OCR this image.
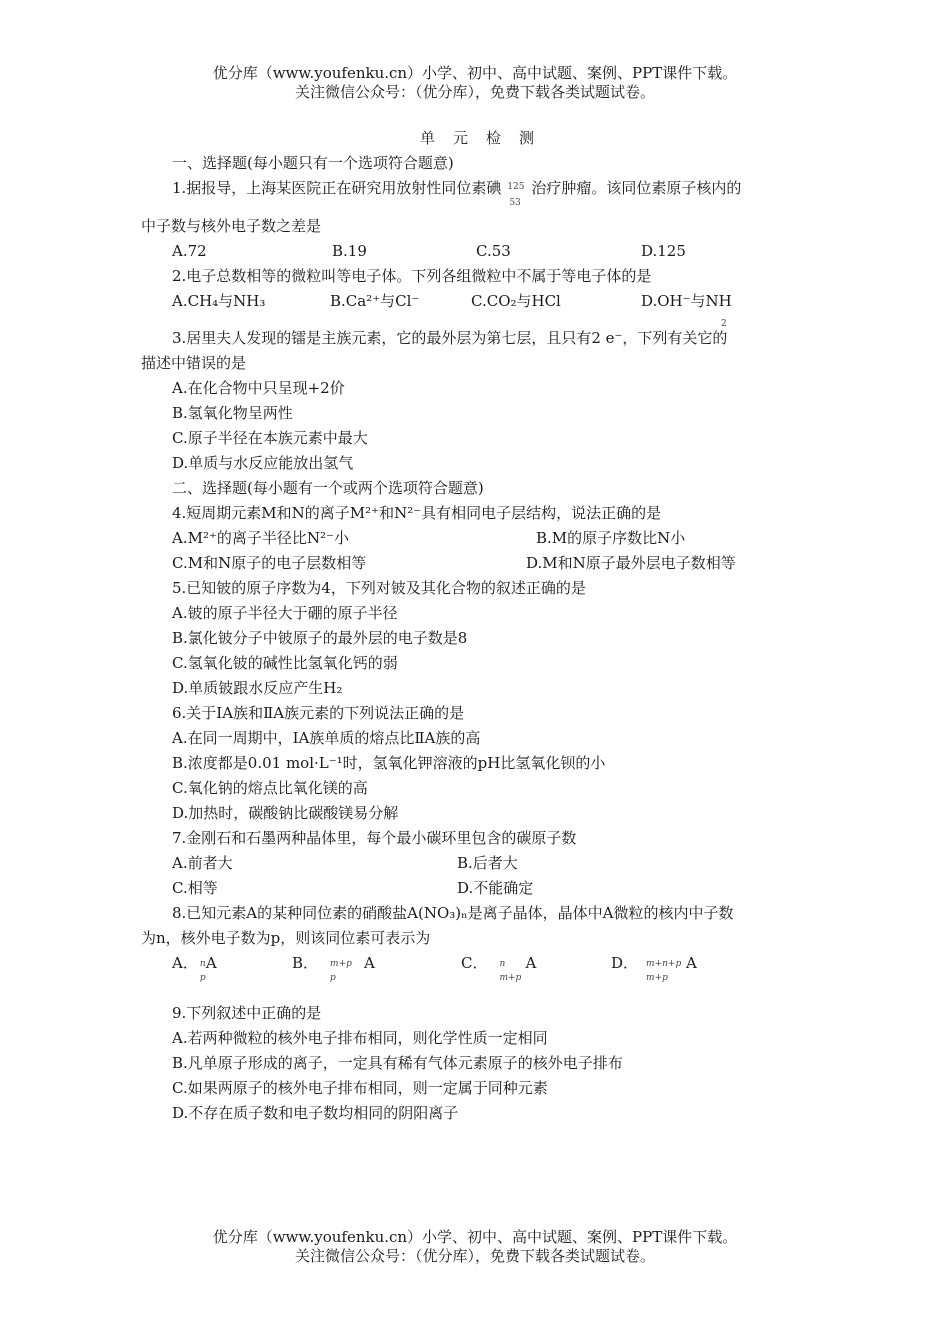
优分库（www.youfenku.cn）小学、初中、高中试题、案例、PPT课件下载。
关注微信公众号：（优分库），免费下载各类试题试卷。
单元检测
一、选择题(每小题只有一个选项符合题意)
1.据报导，上海某医院正在研究用放射性同位素碘 125
53
治疗肿瘤。该同位素原子核内的
中子数与核外电子数之差是
A.72	B.19	C.53	D.125
2.电子总数相等的微粒叫等电子体。下列各组微粒中不属于等电子体的是
A.CH₄与NH₃	B.Ca²⁺与Cl⁻	C.CO₂与HCl	D.OH⁻与NH
2
3.居里夫人发现的镭是主族元素，它的最外层为第七层，且只有2 e⁻，下列有关它的
描述中错误的是
A.在化合物中只呈现+2价
B.氢氧化物呈两性
C.原子半径在本族元素中最大
D.单质与水反应能放出氢气
二、选择题(每小题有一个或两个选项符合题意)
4.短周期元素M和N的离子M²⁺和N²⁻具有相同电子层结构，说法正确的是
A.M²⁺的离子半径比N²⁻小	B.M的原子序数比N小
C.M和N原子的电子层数相等	D.M和N原子最外层电子数相等
5.已知铍的原子序数为4，下列对铍及其化合物的叙述正确的是
A.铍的原子半径大于硼的原子半径
B.氯化铍分子中铍原子的最外层的电子数是8
C.氢氧化铍的碱性比氢氧化钙的弱
D.单质铍跟水反应产生H₂
6.关于ⅠA族和ⅡA族元素的下列说法正确的是
A.在同一周期中，ⅠA族单质的熔点比ⅡA族的高
B.浓度都是0.01 mol·L⁻¹时，氢氧化钾溶液的pH比氢氧化钡的小
C.氧化钠的熔点比氧化镁的高
D.加热时，碳酸钠比碳酸镁易分解
7.金刚石和石墨两种晶体里，每个最小碳环里包含的碳原子数
A.前者大	B.后者大
C.相等	D.不能确定
8.已知元素A的某种同位素的硝酸盐A(NO₃)ₙ是离子晶体，晶体中A微粒的核内中子数
为n，核外电子数为p，则该同位素可表示为
A． n
p
A	B． m+p
p
A	C． n
m+p
A	D． m+n+p
m+p
A
9.下列叙述中正确的是
A.若两种微粒的核外电子排布相同，则化学性质一定相同
B.凡单原子形成的离子，一定具有稀有气体元素原子的核外电子排布
C.如果两原子的核外电子排布相同，则一定属于同种元素
D.不存在质子数和电子数均相同的阴阳离子
优分库（www.youfenku.cn）小学、初中、高中试题、案例、PPT课件下载。
关注微信公众号：（优分库），免费下载各类试题试卷。
